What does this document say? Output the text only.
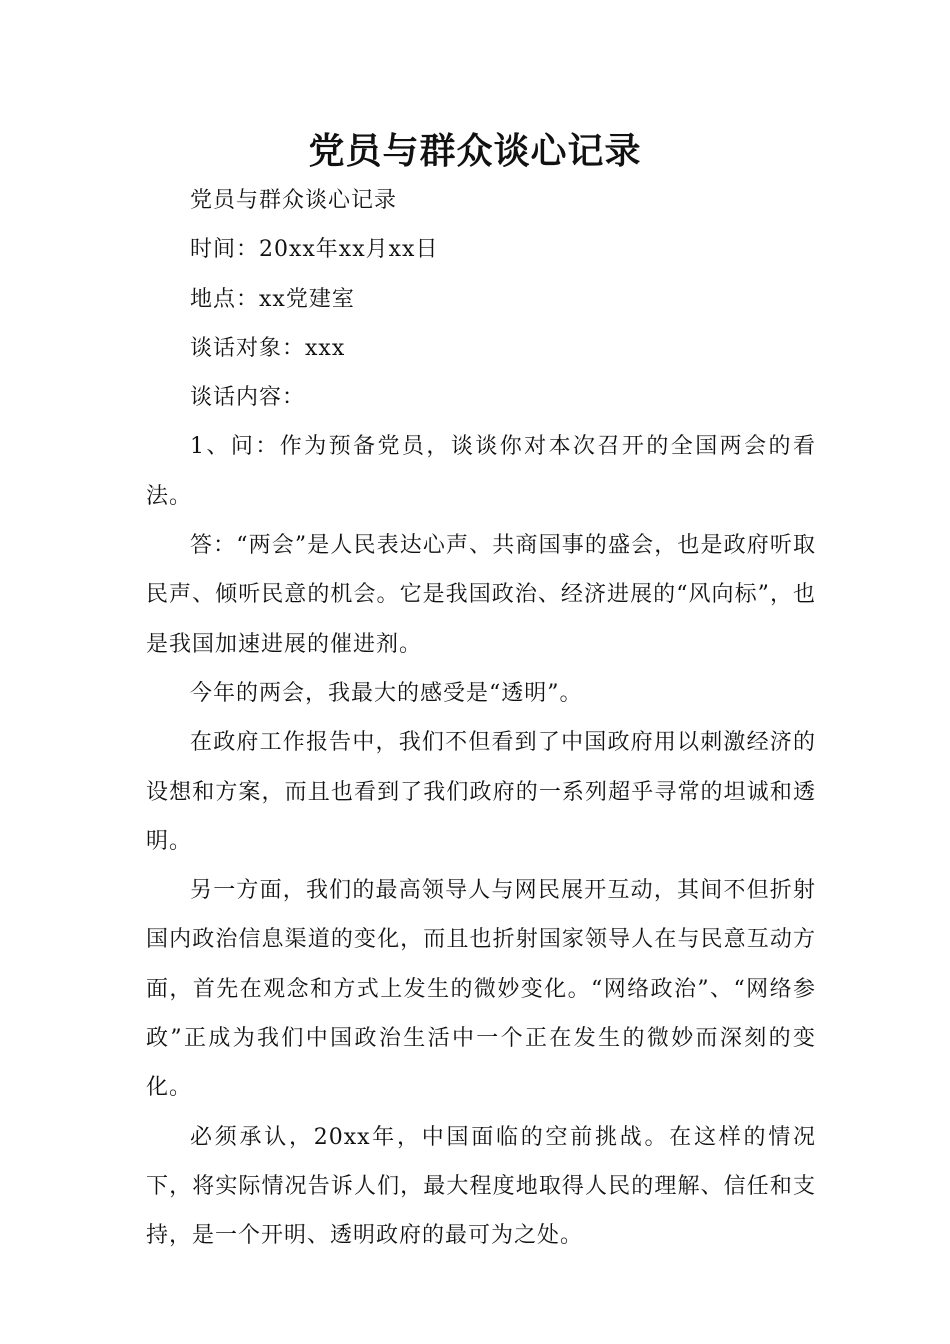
党员与群众谈心记录

党员与群众谈心记录

时间：20xx年xx月xx日

地点：xx党建室

谈话对象：xxx

谈话内容：

1、问：作为预备党员，谈谈你对本次召开的全国两会的看法。

答：“两会”是人民表达心声、共商国事的盛会，也是政府听取民声、倾听民意的机会。它是我国政治、经济进展的“风向标”，也是我国加速进展的催进剂。

今年的两会，我最大的感受是“透明”。

在政府工作报告中，我们不但看到了中国政府用以刺激经济的设想和方案，而且也看到了我们政府的一系列超乎寻常的坦诚和透明。

另一方面，我们的最高领导人与网民展开互动，其间不但折射国内政治信息渠道的变化，而且也折射国家领导人在与民意互动方面，首先在观念和方式上发生的微妙变化。“网络政治”、“网络参政”正成为我们中国政治生活中一个正在发生的微妙而深刻的变化。

必须承认，20xx年，中国面临的空前挑战。在这样的情况下，将实际情况告诉人们，最大程度地取得人民的理解、信任和支持，是一个开明、透明政府的最可为之处。
